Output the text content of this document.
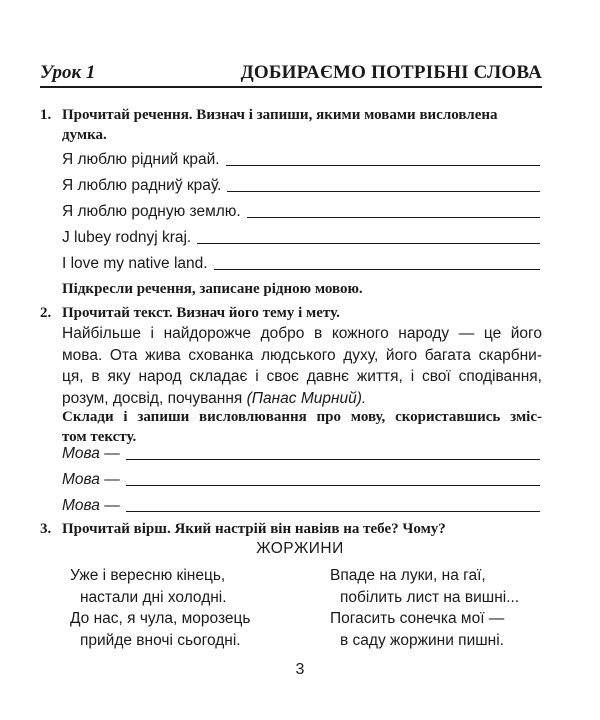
Урок 1	ДОБИРАЄМО ПОТРІБНІ СЛОВА
1. Прочитай речення. Визнач і запиши, якими мовами висловлена
думка.
Я люблю рідний край.
Я люблю радниў краў.
Я люблю родную землю.
J lubey rodnyj kraj.
I love my native land.
Підкресли речення, записане рідною мовою.
2. Прочитай текст. Визнач його тему і мету.
Найбільше і найдорожче добро в кожного народу — це його
мова. Ота жива схованка людського духу, його багата скарбни-
ця, в яку народ складає і своє давнє життя, і свої сподівання,
розум, досвід, почування (Панас Мирний).
Склади і запиши висловлювання про мову, скориставшись зміс-
том тексту.
Мова —
Мова —
Мова —
3. Прочитай вірш. Який настрій він навіяв на тебе? Чому?
ЖОРЖИНИ
Уже і вересню кінець,
настали дні холодні.
До нас, я чула, морозець
прийде вночі сьогодні.
Впаде на луки, на гаї,
побілить лист на вишні...
Погасить сонечка мої —
в саду жоржини пишні.
3
